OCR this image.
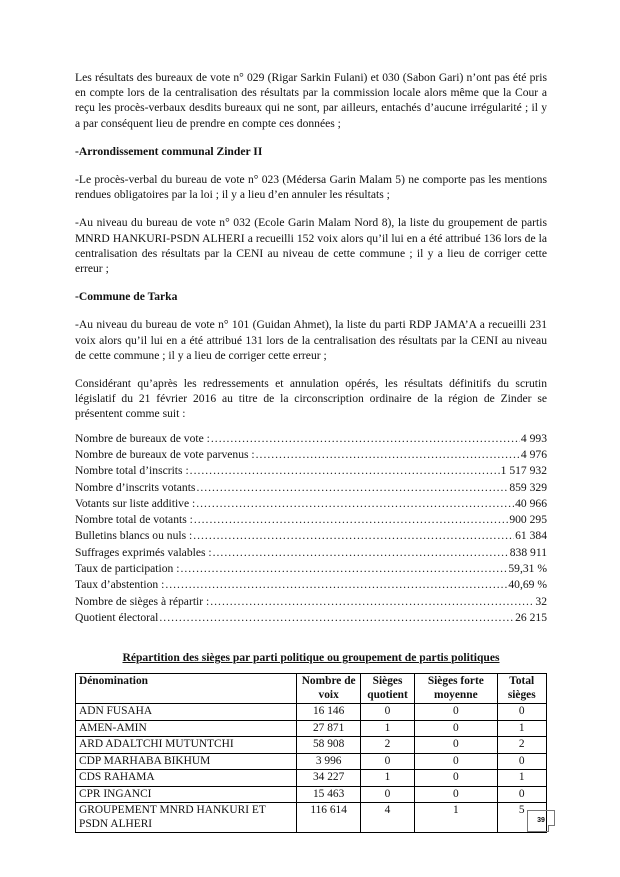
Les résultats des bureaux de vote n° 029 (Rigar Sarkin Fulani) et 030 (Sabon Gari) n’ont pas été pris en compte lors de la centralisation des résultats par la commission locale alors même que la Cour a reçu les procès-verbaux desdits bureaux qui ne sont, par ailleurs, entachés d’aucune irrégularité ; il y a par conséquent lieu de prendre en compte ces données ;

-Arrondissement communal Zinder II

-Le procès-verbal du bureau de vote n° 023 (Médersa Garin Malam 5) ne comporte pas les mentions rendues obligatoires par la loi ; il y a lieu d’en annuler les résultats ;

-Au niveau du bureau de vote n° 032 (Ecole Garin Malam Nord 8), la liste du groupement de partis MNRD HANKURI-PSDN ALHERI a recueilli 152 voix alors qu’il lui en a été attribué 136 lors de la centralisation des résultats par la CENI au niveau de cette commune ; il y a lieu de corriger cette erreur ;

-Commune de Tarka

-Au niveau du bureau de vote n° 101 (Guidan Ahmet), la liste du parti RDP JAMA’A a recueilli 231 voix alors qu’il lui en a été attribué 131 lors de la centralisation des résultats par la CENI au niveau de cette commune ; il y a lieu de corriger cette erreur ;

Considérant qu’après les redressements et annulation opérés, les résultats définitifs du scrutin législatif du 21 février 2016 au titre de la circonscription ordinaire de la région de Zinder se présentent comme suit :

Nombre de bureaux de vote : .....	4 993
Nombre de bureaux de vote parvenus : .....	4 976
Nombre total d’inscrits : .....	1 517 932
Nombre d’inscrits votants .....	859 329
Votants sur liste additive : .....	40 966
Nombre total de votants : .....	900 295
Bulletins blancs ou nuls : .....	61 384
Suffrages exprimés valables : .....	838 911
Taux de participation : .....	59,31 %
Taux d’abstention : .....	40,69 %
Nombre de sièges à répartir : .....	32
Quotient électoral .....	26 215
Répartition des sièges par parti politique ou groupement de partis politiques
Dénomination	Nombre de voix	Sièges quotient	Sièges forte moyenne	Total sièges
ADN FUSAHA	16 146	0	0	0
AMEN-AMIN	27 871	1	0	1
ARD ADALTCHI MUTUNTCHI	58 908	2	0	2
CDP MARHABA BIKHUM	3 996	0	0	0
CDS RAHAMA	34 227	1	0	1
CPR INGANCI	15 463	0	0	0
GROUPEMENT MNRD HANKURI ET PSDN ALHERI	116 614	4	1	5
39
